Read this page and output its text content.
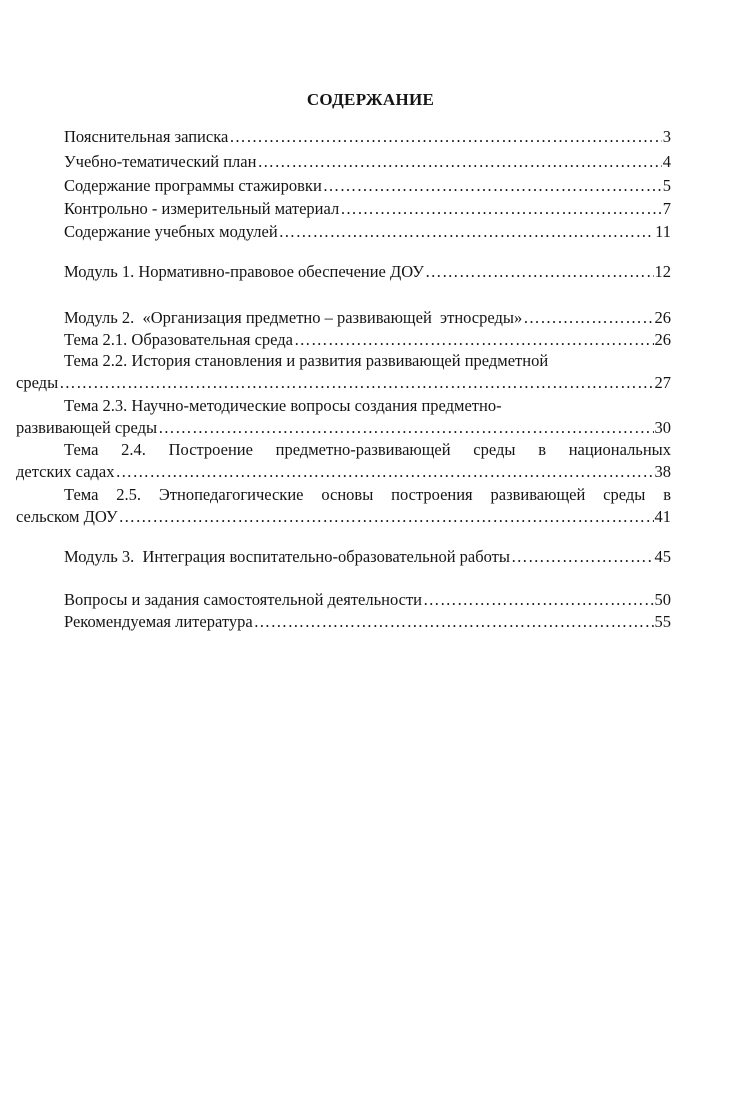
СОДЕРЖАНИЕ
Пояснительная записка …………………………………………………………………………………………………………………………………………………………………………………	3
Учебно-тематический план …………………………………………………………………………………………………………………………………………………………………………………	4
Содержание программы стажировки …………………………………………………………………………………………………………………………………………………………………………………	5
Контрольно - измерительный материал …………………………………………………………………………………………………………………………………………………………………………………	7
Содержание учебных модулей …………………………………………………………………………………………………………………………………………………………………………………	11
Модуль 1. Нормативно-правовое обеспечение ДОУ …………………………………………………………………………………………………………………………………………………………………………………	12
Модуль 2.  «Организация предметно – развивающей  этносреды» …………………………………………………………………………………………………………………………………………………………………………………	26
Тема 2.1. Образовательная среда …………………………………………………………………………………………………………………………………………………………………………………	26
Тема 2.2. История становления и развития развивающей предметной
среды …………………………………………………………………………………………………………………………………………………………………………………	27
Тема 2.3. Научно-методические вопросы создания предметно-
развивающей среды …………………………………………………………………………………………………………………………………………………………………………………	30
Тема 2.4. Построение предметно-развивающей среды в национальных
детских садах …………………………………………………………………………………………………………………………………………………………………………………	38
Тема 2.5. Этнопедагогические основы построения развивающей среды в
сельском ДОУ …………………………………………………………………………………………………………………………………………………………………………………	41
Модуль 3.  Интеграция воспитательно-образовательной работы …………………………………………………………………………………………………………………………………………………………………………………	45
Вопросы и задания самостоятельной деятельности …………………………………………………………………………………………………………………………………………………………………………………	50
Рекомендуемая литература …………………………………………………………………………………………………………………………………………………………………………………	55
